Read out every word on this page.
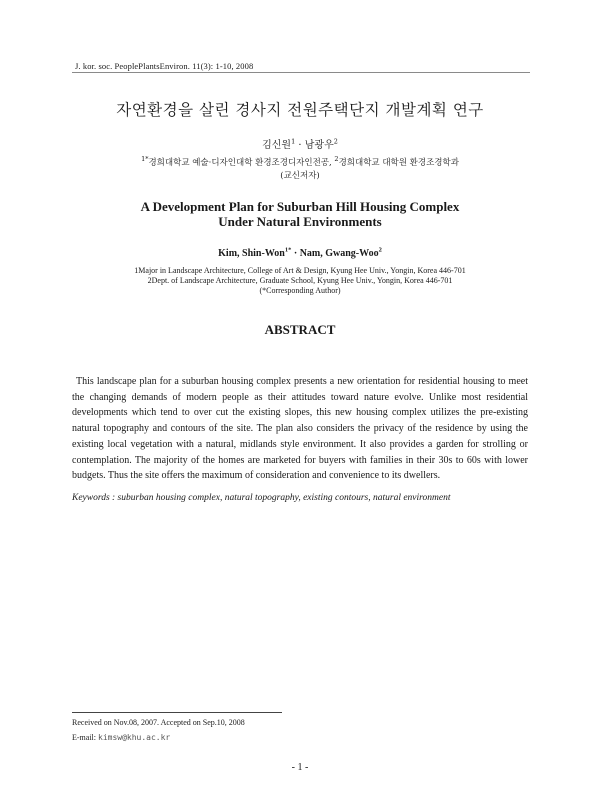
J. kor. soc. PeoplePlantsEnviron. 11(3): 1-10, 2008
자연환경을 살린 경사지 전원주택단지 개발계획 연구
김신원$^1$ · 남광우$^2$
$^{1*}$경희대학교 예술·디자인대학 환경조경디자인전공, $^2$경희대학교 대학원 환경조경학과
(교신저자)
A Development Plan for Suburban Hill Housing Complex
Under Natural Environments
Kim, Shin-Won$^{1*}$ · Nam, Gwang-Woo$^2$
1Major in Landscape Architecture, College of Art & Design, Kyung Hee Univ., Yongin, Korea 446-701
2Dept. of Landscape Architecture, Graduate School, Kyung Hee Univ., Yongin, Korea 446-701
(*Corresponding Author)
ABSTRACT
This landscape plan for a suburban housing complex presents a new orientation for residential housing to meet the changing demands of modern people as their attitudes toward nature evolve. Unlike most residential developments which tend to over cut the existing slopes, this new housing complex utilizes the pre-existing natural topography and contours of the site. The plan also considers the privacy of the residence by using the existing local vegetation with a natural, midlands style environment. It also provides a garden for strolling or contemplation. The majority of the homes are marketed for buyers with families in their 30s to 60s with lower budgets. Thus the site offers the maximum of consideration and convenience to its dwellers.
Keywords : suburban housing complex, natural topography, existing contours, natural environment
Received on Nov.08, 2007. Accepted on Sep.10, 2008
E-mail: kimsw@khu.ac.kr
- 1 -
